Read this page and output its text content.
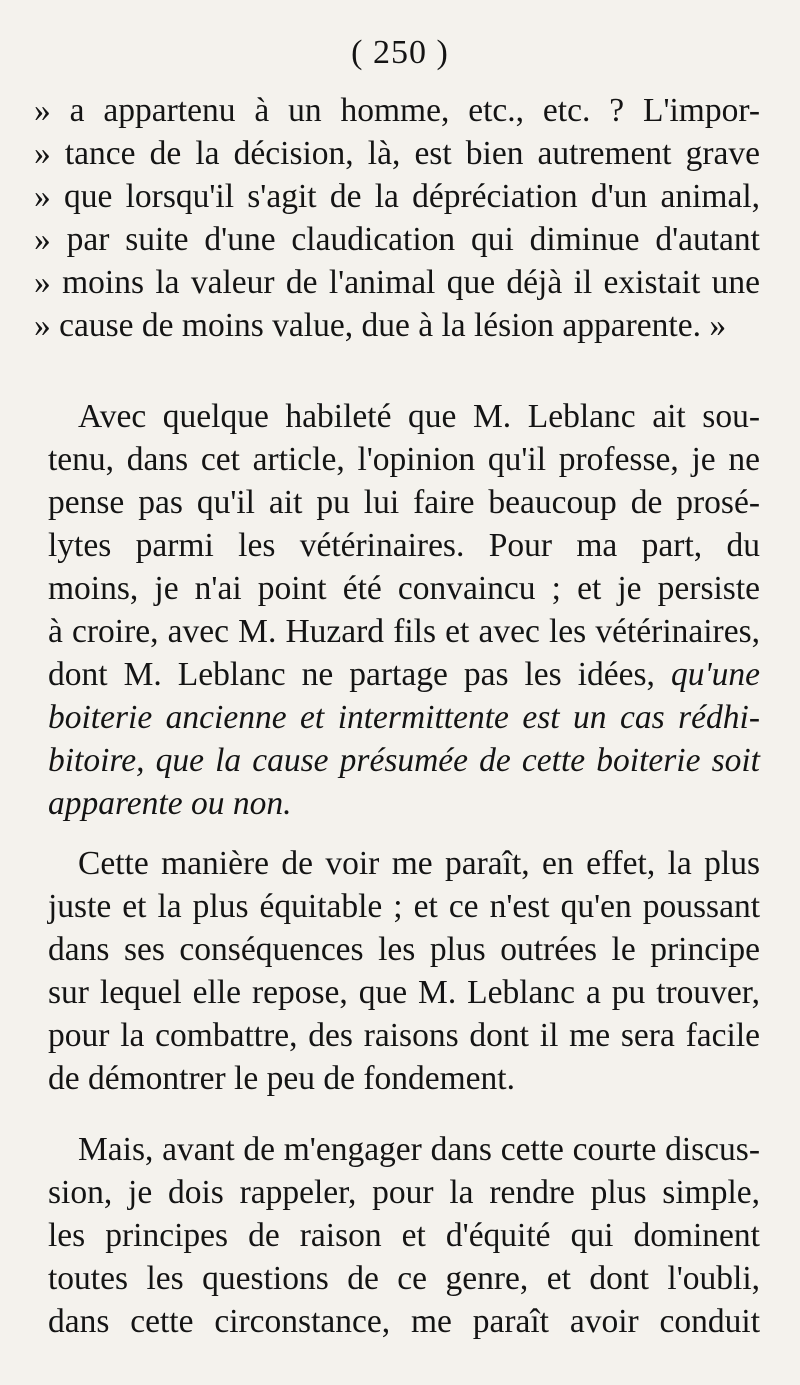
( 250 )
» a appartenu à un homme, etc., etc. ? L'impor-
» tance de la décision, là, est bien autrement grave
» que lorsqu'il s'agit de la dépréciation d'un animal,
» par suite d'une claudication qui diminue d'autant
» moins la valeur de l'animal que déjà il existait une
» cause de moins value, due à la lésion apparente. »
Avec quelque habileté que M. Leblanc ait sou-
tenu, dans cet article, l'opinion qu'il professe, je ne
pense pas qu'il ait pu lui faire beaucoup de prosé-
lytes parmi les vétérinaires. Pour ma part, du
moins, je n'ai point été convaincu ; et je persiste
à croire, avec M. Huzard fils et avec les vétérinaires,
dont M. Leblanc ne partage pas les idées, qu'une
boiterie ancienne et intermittente est un cas rédhi-
bitoire, que la cause présumée de cette boiterie soit
apparente ou non.
Cette manière de voir me paraît, en effet, la plus
juste et la plus équitable ; et ce n'est qu'en poussant
dans ses conséquences les plus outrées le principe
sur lequel elle repose, que M. Leblanc a pu trouver,
pour la combattre, des raisons dont il me sera facile
de démontrer le peu de fondement.
Mais, avant de m'engager dans cette courte discus-
sion, je dois rappeler, pour la rendre plus simple,
les principes de raison et d'équité qui dominent
toutes les questions de ce genre, et dont l'oubli,
dans cette circonstance, me paraît avoir conduit
